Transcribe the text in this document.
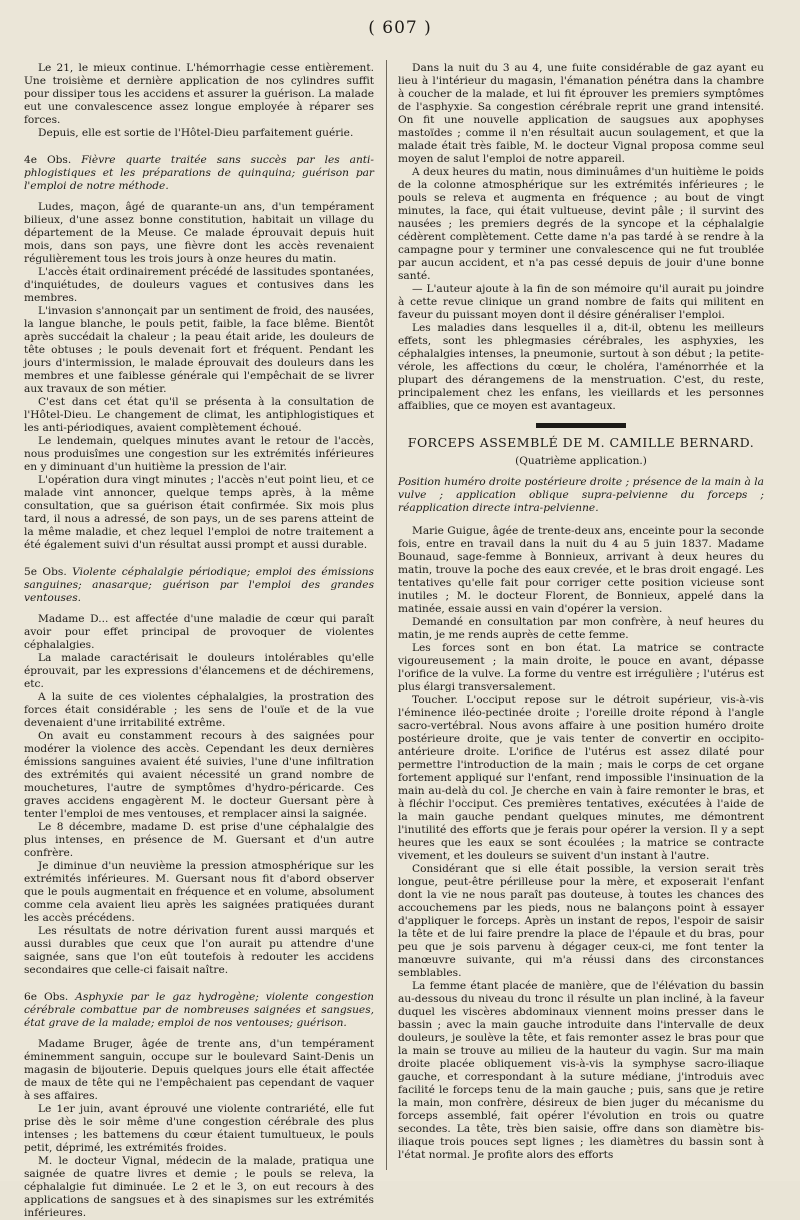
( 607 )

Le 21, le mieux continue. L'hémorrhagie cesse entièrement. Une troisième et dernière application de nos cylindres suffit pour dissiper tous les accidens et assurer la guérison. La malade eut une convalescence assez longue employée à réparer ses forces.

Depuis, elle est sortie de l'Hôtel-Dieu parfaitement guérie.

4e Obs. Fièvre quarte traitée sans succès par les anti-phlogistiques et les préparations de quinquina; guérison par l'emploi de notre méthode.

Ludes, maçon, âgé de quarante-un ans, d'un tempérament bilieux, d'une assez bonne constitution, habitait un village du département de la Meuse. Ce malade éprouvait depuis huit mois, dans son pays, une fièvre dont les accès revenaient régulièrement tous les trois jours à onze heures du matin.

L'accès était ordinairement précédé de lassitudes spontanées, d'inquiétudes, de douleurs vagues et contusives dans les membres.

L'invasion s'annonçait par un sentiment de froid, des nausées, la langue blanche, le pouls petit, faible, la face blême. Bientôt après succédait la chaleur ; la peau était aride, les douleurs de tête obtuses ; le pouls devenait fort et fréquent. Pendant les jours d'intermission, le malade éprouvait des douleurs dans les membres et une faiblesse générale qui l'empêchait de se livrer aux travaux de son métier.

C'est dans cet état qu'il se présenta à la consultation de l'Hôtel-Dieu. Le changement de climat, les antiphlogistiques et les anti-périodiques, avaient complètement échoué.

Le lendemain, quelques minutes avant le retour de l'accès, nous produisîmes une congestion sur les extrémités inférieures en y diminuant d'un huitième la pression de l'air.

L'opération dura vingt minutes ; l'accès n'eut point lieu, et ce malade vint annoncer, quelque temps après, à la même consultation, que sa guérison était confirmée. Six mois plus tard, il nous a adressé, de son pays, un de ses parens atteint de la même maladie, et chez lequel l'emploi de notre traitement a été également suivi d'un résultat aussi prompt et aussi durable.

5e Obs. Violente céphalalgie périodique; emploi des émissions sanguines; anasarque; guérison par l'emploi des grandes ventouses.

Madame D... est affectée d'une maladie de cœur qui paraît avoir pour effet principal de provoquer de violentes céphalalgies.

La malade caractérisait le douleurs intolérables qu'elle éprouvait, par les expressions d'élancemens et de déchiremens, etc.

A la suite de ces violentes céphalalgies, la prostration des forces était considérable ; les sens de l'ouïe et de la vue devenaient d'une irritabilité extrême.

On avait eu constamment recours à des saignées pour modérer la violence des accès. Cependant les deux dernières émissions sanguines avaient été suivies, l'une d'une infiltration des extrémités qui avaient nécessité un grand nombre de mouchetures, l'autre de symptômes d'hydro-péricarde. Ces graves accidens engagèrent M. le docteur Guersant père à tenter l'emploi de mes ventouses, et remplacer ainsi la saignée.

Le 8 décembre, madame D. est prise d'une céphalalgie des plus intenses, en présence de M. Guersant et d'un autre confrère.

Je diminue d'un neuvième la pression atmosphérique sur les extrémités inférieures. M. Guersant nous fit d'abord observer que le pouls augmentait en fréquence et en volume, absolument comme cela avaient lieu après les saignées pratiquées durant les accès précédens.

Les résultats de notre dérivation furent aussi marqués et aussi durables que ceux que l'on aurait pu attendre d'une saignée, sans que l'on eût toutefois à redouter les accidens secondaires que celle-ci faisait naître.

6e Obs. Asphyxie par le gaz hydrogène; violente congestion cérébrale combattue par de nombreuses saignées et sangsues, état grave de la malade; emploi de nos ventouses; guérison.

Madame Bruger, âgée de trente ans, d'un tempérament éminemment sanguin, occupe sur le boulevard Saint-Denis un magasin de bijouterie. Depuis quelques jours elle était affectée de maux de tête qui ne l'empêchaient pas cependant de vaquer à ses affaires.

Le 1er juin, avant éprouvé une violente contrariété, elle fut prise dès le soir même d'une congestion cérébrale des plus intenses ; les battemens du cœur étaient tumultueux, le pouls petit, déprimé, les extrémités froides.

M. le docteur Vignal, médecin de la malade, pratiqua une saignée de quatre livres et demie ; le pouls se releva, la céphalalgie fut diminuée. Le 2 et le 3, on eut recours à des applications de sangsues et à des sinapismes sur les extrémités inférieures.

Dans la nuit du 3 au 4, une fuite considérable de gaz ayant eu lieu à l'intérieur du magasin, l'émanation pénétra dans la chambre à coucher de la malade, et lui fit éprouver les premiers symptômes de l'asphyxie. Sa congestion cérébrale reprit une grand intensité. On fit une nouvelle application de saugsues aux apophyses mastoïdes ; comme il n'en résultait aucun soulagement, et que la malade était très faible, M. le docteur Vignal proposa comme seul moyen de salut l'emploi de notre appareil.

A deux heures du matin, nous diminuâmes d'un huitième le poids de la colonne atmosphérique sur les extrémités inférieures ; le pouls se releva et augmenta en fréquence ; au bout de vingt minutes, la face, qui était vultueuse, devint pâle ; il survint des nausées ; les premiers degrés de la syncope et la céphalalgie cédèrent complètement. Cette dame n'a pas tardé à se rendre à la campagne pour y terminer une convalescence qui ne fut troublée par aucun accident, et n'a pas cessé depuis de jouir d'une bonne santé.

— L'auteur ajoute à la fin de son mémoire qu'il aurait pu joindre à cette revue clinique un grand nombre de faits qui militent en faveur du puissant moyen dont il désire généraliser l'emploi.

Les maladies dans lesquelles il a, dit-il, obtenu les meilleurs effets, sont les phlegmasies cérébrales, les asphyxies, les céphalalgies intenses, la pneumonie, surtout à son début ; la petite-vérole, les affections du cœur, le choléra, l'aménorrhée et la plupart des dérangemens de la menstruation. C'est, du reste, principalement chez les enfans, les vieillards et les personnes affaiblies, que ce moyen est avantageux.

FORCEPS ASSEMBLÉ DE M. CAMILLE BERNARD.

(Quatrième application.)

Position humérо droite postérieure droite ; présence de la main à la vulve ; application oblique supra-pelvienne du forceps ; réapplication directe intra-pelvienne.

Marie Guigue, âgée de trente-deux ans, enceinte pour la seconde fois, entre en travail dans la nuit du 4 au 5 juin 1837. Madame Bounaud, sage-femme à Bonnieux, arrivant à deux heures du matin, trouve la poche des eaux crevée, et le bras droit engagé. Les tentatives qu'elle fait pour corriger cette position vicieuse sont inutiles ; M. le docteur Florent, de Bonnieux, appelé dans la matinée, essaie aussi en vain d'opérer la version.

Demandé en consultation par mon confrère, à neuf heures du matin, je me rends auprès de cette femme.

Les forces sont en bon état. La matrice se contracte vigoureusement ; la main droite, le pouce en avant, dépasse l'orifice de la vulve. La forme du ventre est irrégulière ; l'utérus est plus élargi transversalement.

Toucher. L'occiput repose sur le détroit supérieur, vis-à-vis l'éminence iléo-pectinée droite ; l'oreille droite répond à l'angle sacro-vertébral. Nous avons affaire à une position huméro droite postérieure droite, que je vais tenter de convertir en occipito-antérieure droite. L'orifice de l'utérus est assez dilaté pour permettre l'introduction de la main ; mais le corps de cet organe fortement appliqué sur l'enfant, rend impossible l'insinuation de la main au-delà du col. Je cherche en vain à faire remonter le bras, et à fléchir l'occiput. Ces premières tentatives, exécutées à l'aide de la main gauche pendant quelques minutes, me démontrent l'inutilité des efforts que je ferais pour opérer la version. Il y a sept heures que les eaux se sont écoulées ; la matrice se contracte vivement, et les douleurs se suivent d'un instant à l'autre.

Considérant que si elle était possible, la version serait très longue, peut-être périlleuse pour la mère, et exposerait l'enfant dont la vie ne nous paraît pas douteuse, à toutes les chances des accouchemens par les pieds, nous ne balançons point à essayer d'appliquer le forceps. Après un instant de repos, l'espoir de saisir la tête et de lui faire prendre la place de l'épaule et du bras, pour peu que je sois parvenu à dégager ceux-ci, me font tenter la manœuvre suivante, qui m'a réussi dans des circonstances semblables.

La femme étant placée de manière, que de l'élévation du bassin au-dessous du niveau du tronc il résulte un plan incliné, à la faveur duquel les viscères abdominaux viennent moins presser dans le bassin ; avec la main gauche introduite dans l'intervalle de deux douleurs, je soulève la tête, et fais remonter assez le bras pour que la main se trouve au milieu de la hauteur du vagin. Sur ma main droite placée obliquement vis-à-vis la symphyse sacro-iliaque gauche, et correspondant à la suture médiane, j'introduis avec facilité le forceps tenu de la main gauche ; puis, sans que je retire la main, mon confrère, désireux de bien juger du mécanisme du forceps assemblé, fait opérer l'évolution en trois ou quatre secondes. La tête, très bien saisie, offre dans son diamètre bis-iliaque trois pouces sept lignes ; les diamètres du bassin sont à l'état normal. Je profite alors des efforts
